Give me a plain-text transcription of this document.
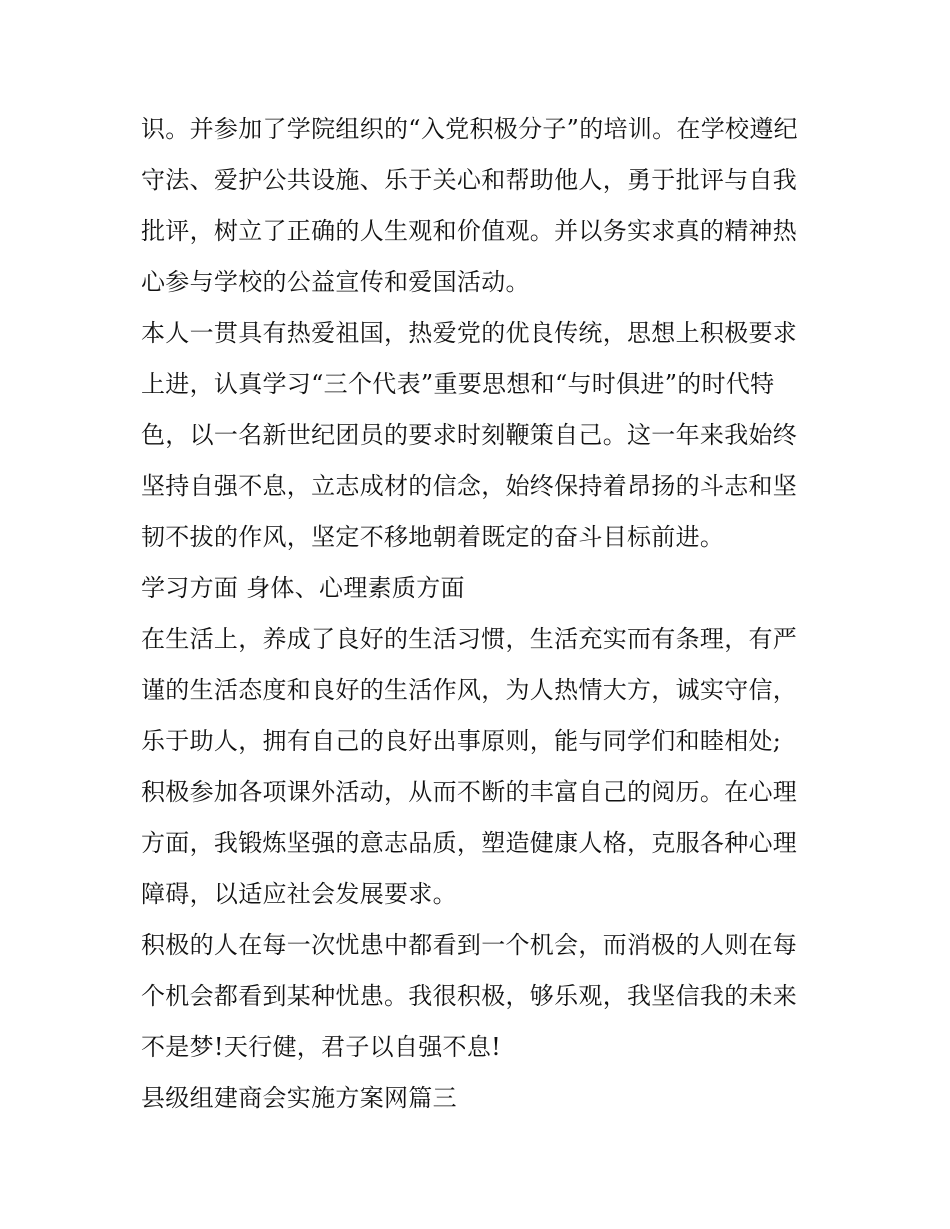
识。并参加了学院组织的“入党积极分子”的培训。在学校遵纪
守法、爱护公共设施、乐于关心和帮助他人，勇于批评与自我
批评，树立了正确的人生观和价值观。并以务实求真的精神热
心参与学校的公益宣传和爱国活动。
本人一贯具有热爱祖国，热爱党的优良传统，思想上积极要求
上进，认真学习“三个代表”重要思想和“与时俱进”的时代特
色，以一名新世纪团员的要求时刻鞭策自己。这一年来我始终
坚持自强不息，立志成材的信念，始终保持着昂扬的斗志和坚
韧不拔的作风，坚定不移地朝着既定的奋斗目标前进。
学习方面 身体、心理素质方面
在生活上，养成了良好的生活习惯，生活充实而有条理，有严
谨的生活态度和良好的生活作风，为人热情大方，诚实守信，
乐于助人，拥有自己的良好出事原则，能与同学们和睦相处;
积极参加各项课外活动，从而不断的丰富自己的阅历。在心理
方面，我锻炼坚强的意志品质，塑造健康人格，克服各种心理
障碍，以适应社会发展要求。
积极的人在每一次忧患中都看到一个机会，而消极的人则在每
个机会都看到某种忧患。我很积极，够乐观，我坚信我的未来
不是梦!天行健，君子以自强不息!
县级组建商会实施方案网篇三
